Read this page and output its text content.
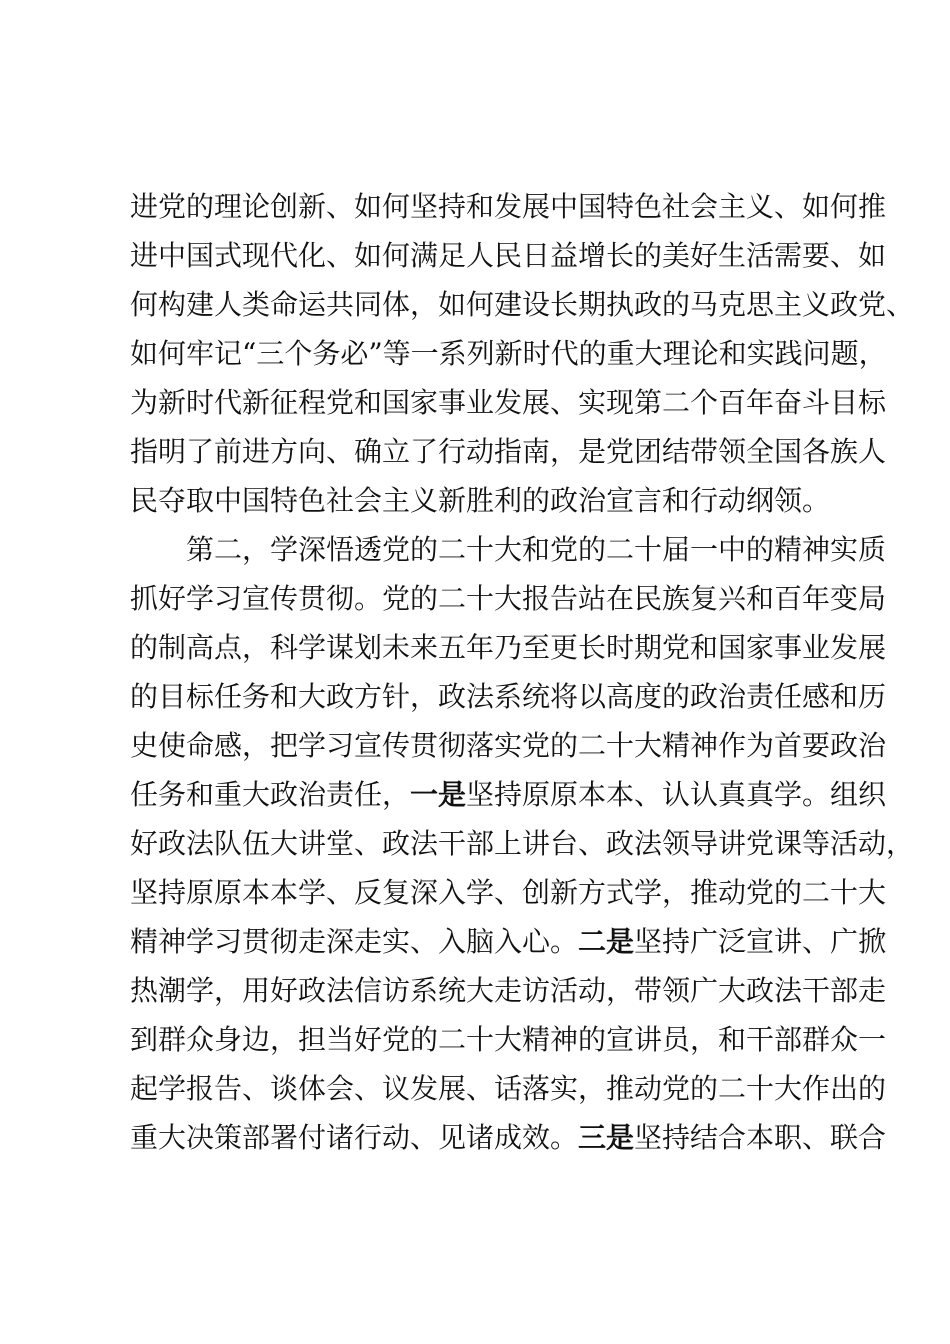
进党的理论创新、如何坚持和发展中国特色社会主义、如何推
进中国式现代化、如何满足人民日益增长的美好生活需要、如
何构建人类命运共同体，如何建设长期执政的马克思主义政党、
如何牢记“三个务必”等一系列新时代的重大理论和实践问题，
为新时代新征程党和国家事业发展、实现第二个百年奋斗目标
指明了前进方向、确立了行动指南，是党团结带领全国各族人
民夺取中国特色社会主义新胜利的政治宣言和行动纲领。
第二，学深悟透党的二十大和党的二十届一中的精神实质
抓好学习宣传贯彻。党的二十大报告站在民族复兴和百年变局
的制高点，科学谋划未来五年乃至更长时期党和国家事业发展
的目标任务和大政方针，政法系统将以高度的政治责任感和历
史使命感，把学习宣传贯彻落实党的二十大精神作为首要政治
任务和重大政治责任，一是坚持原原本本、认认真真学。组织
好政法队伍大讲堂、政法干部上讲台、政法领导讲党课等活动，
坚持原原本本学、反复深入学、创新方式学，推动党的二十大
精神学习贯彻走深走实、入脑入心。二是坚持广泛宣讲、广掀
热潮学，用好政法信访系统大走访活动，带领广大政法干部走
到群众身边，担当好党的二十大精神的宣讲员，和干部群众一
起学报告、谈体会、议发展、话落实，推动党的二十大作出的
重大决策部署付诸行动、见诸成效。三是坚持结合本职、联合
